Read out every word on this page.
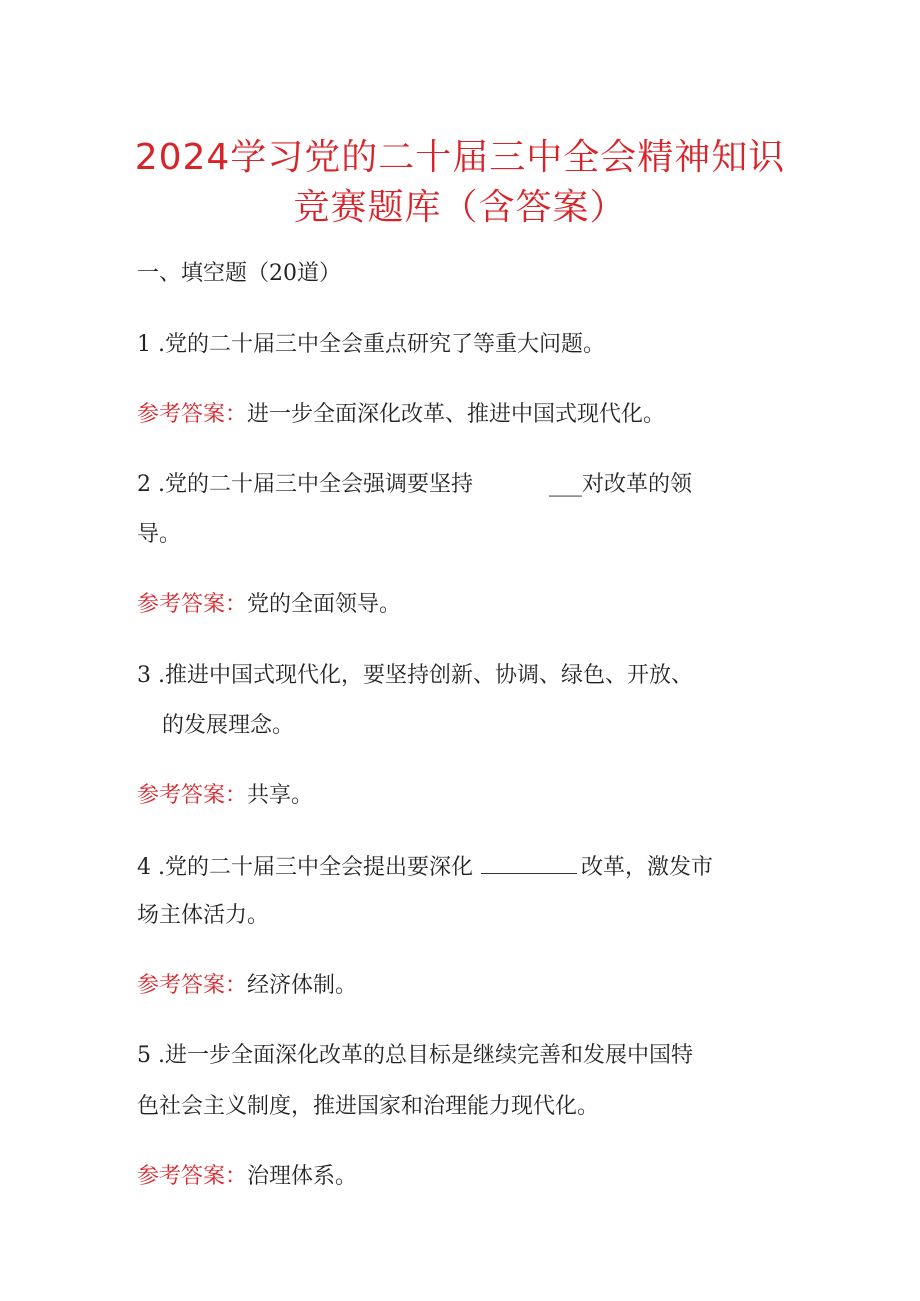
2024学习党的二十届三中全会精神知识
竞赛题库（含答案）
一、填空题（20道）
1 .党的二十届三中全会重点研究了等重大问题。
参考答案：进一步全面深化改革、推进中国式现代化。
2 .党的二十届三中全会强调要坚持	___对改革的领
导。
参考答案：党的全面领导。
3 .推进中国式现代化，要坚持创新、协调、绿色、开放、
的发展理念。
参考答案：共享。
4 .党的二十届三中全会提出要深化	改革，激发市
场主体活力。
参考答案：经济体制。
5 .进一步全面深化改革的总目标是继续完善和发展中国特
色社会主义制度，推进国家和治理能力现代化。
参考答案：治理体系。
